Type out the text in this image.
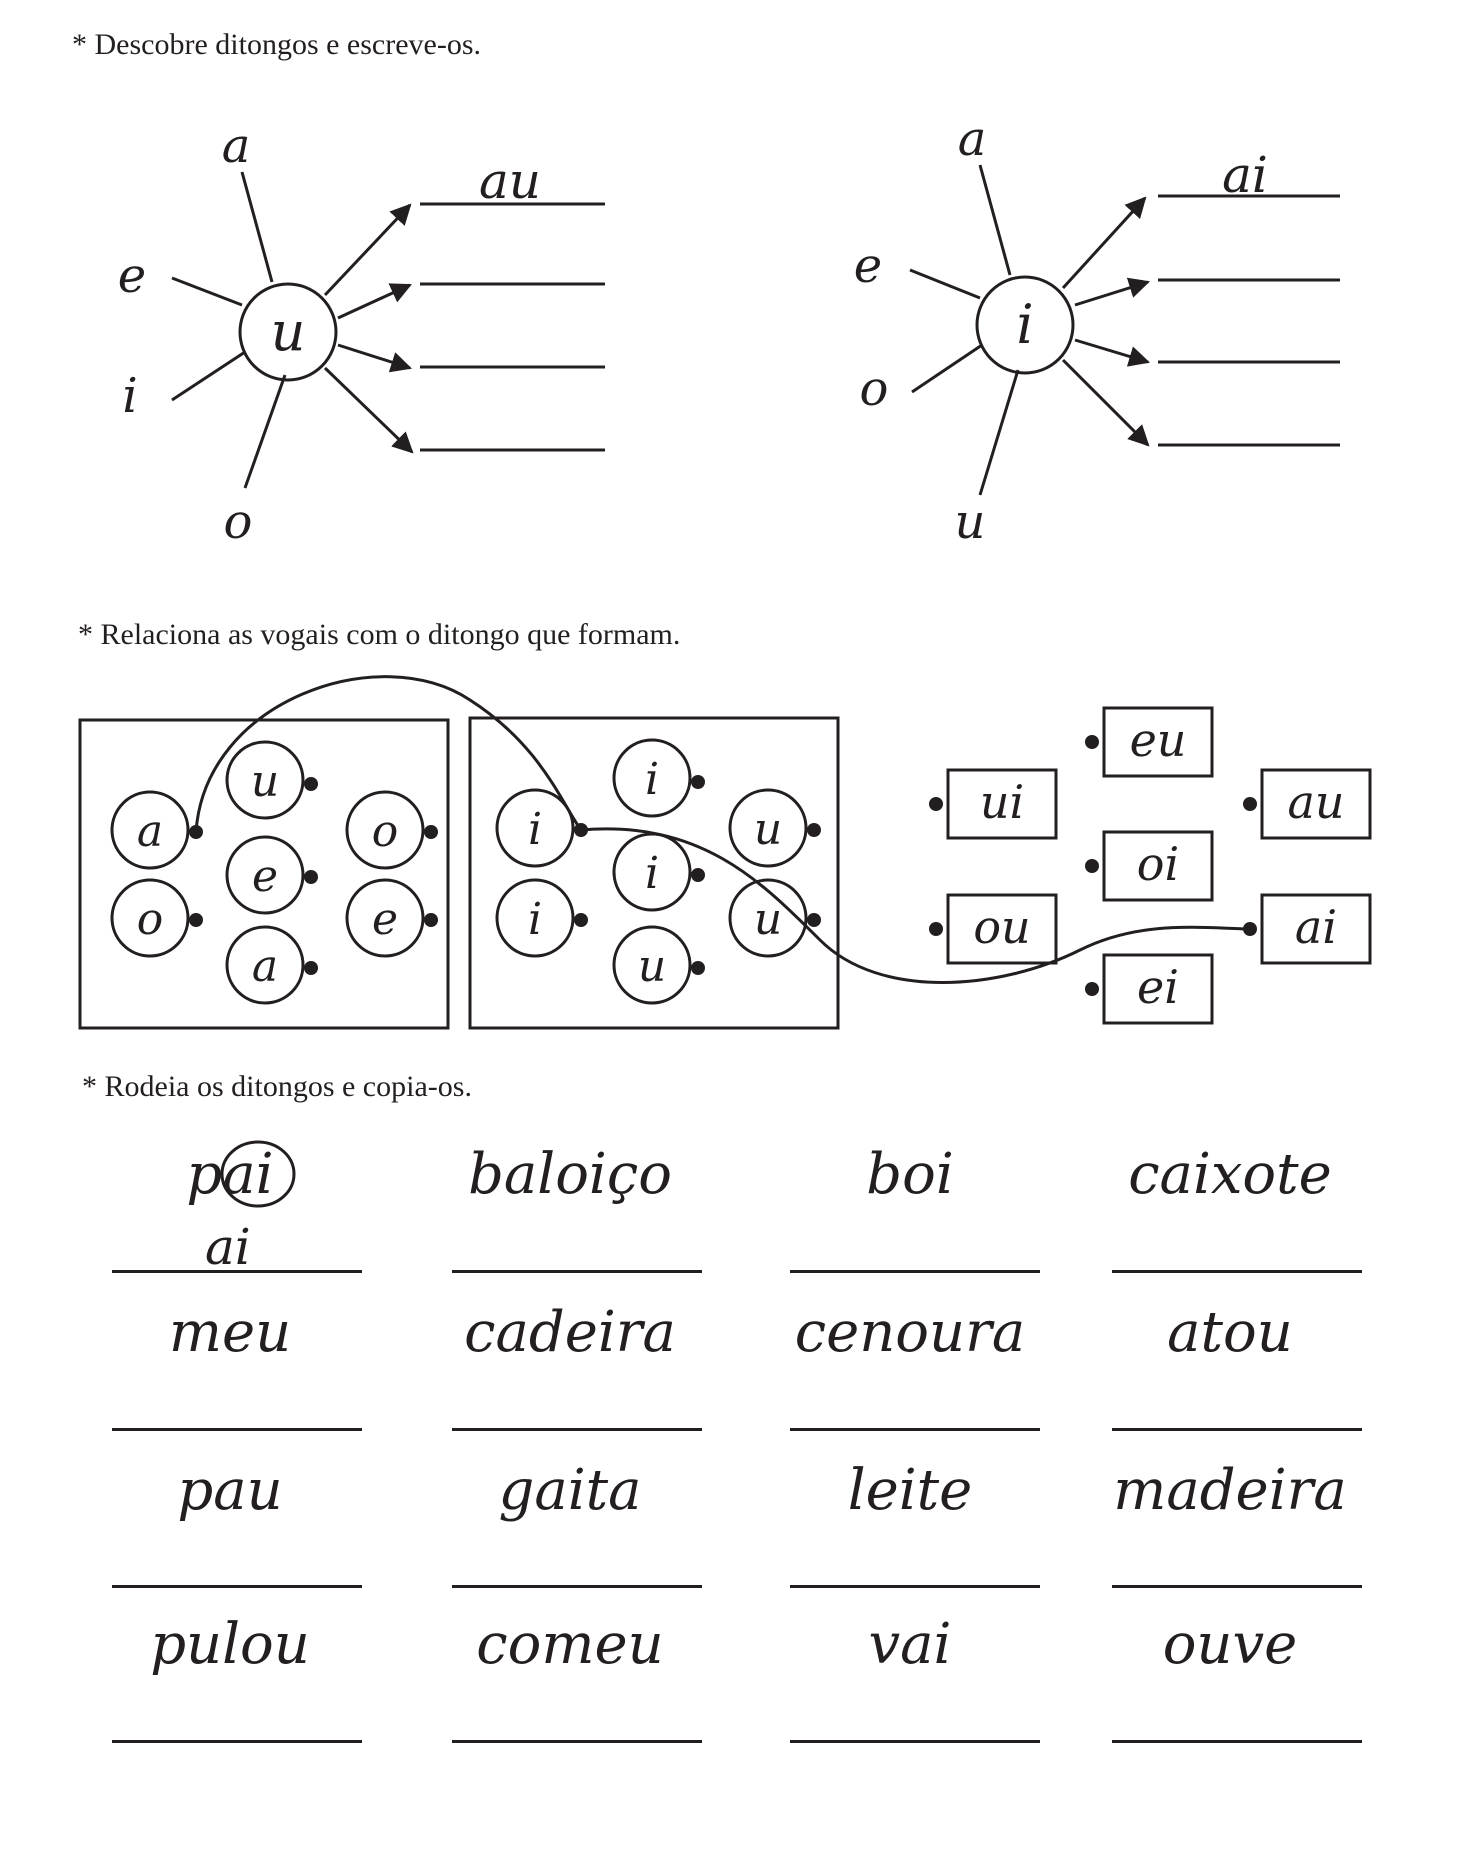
* Descobre ditongos e escreve-os.
* Relaciona as vogais com o ditongo que formam.
* Rodeia os ditongos e copia-os.
u
a
e
i
o
au
i
a
e
o
u
ai
a
u
o
e
o	e
a
i
i
u
i
i	u
u
ui
ou
eu
oi
ei
au
ai
pai	baloiço	boi	caixote
ai
meu	cadeira	cenoura	atou
pau	gaita	leite	madeira
pulou	comeu	vai	ouve
